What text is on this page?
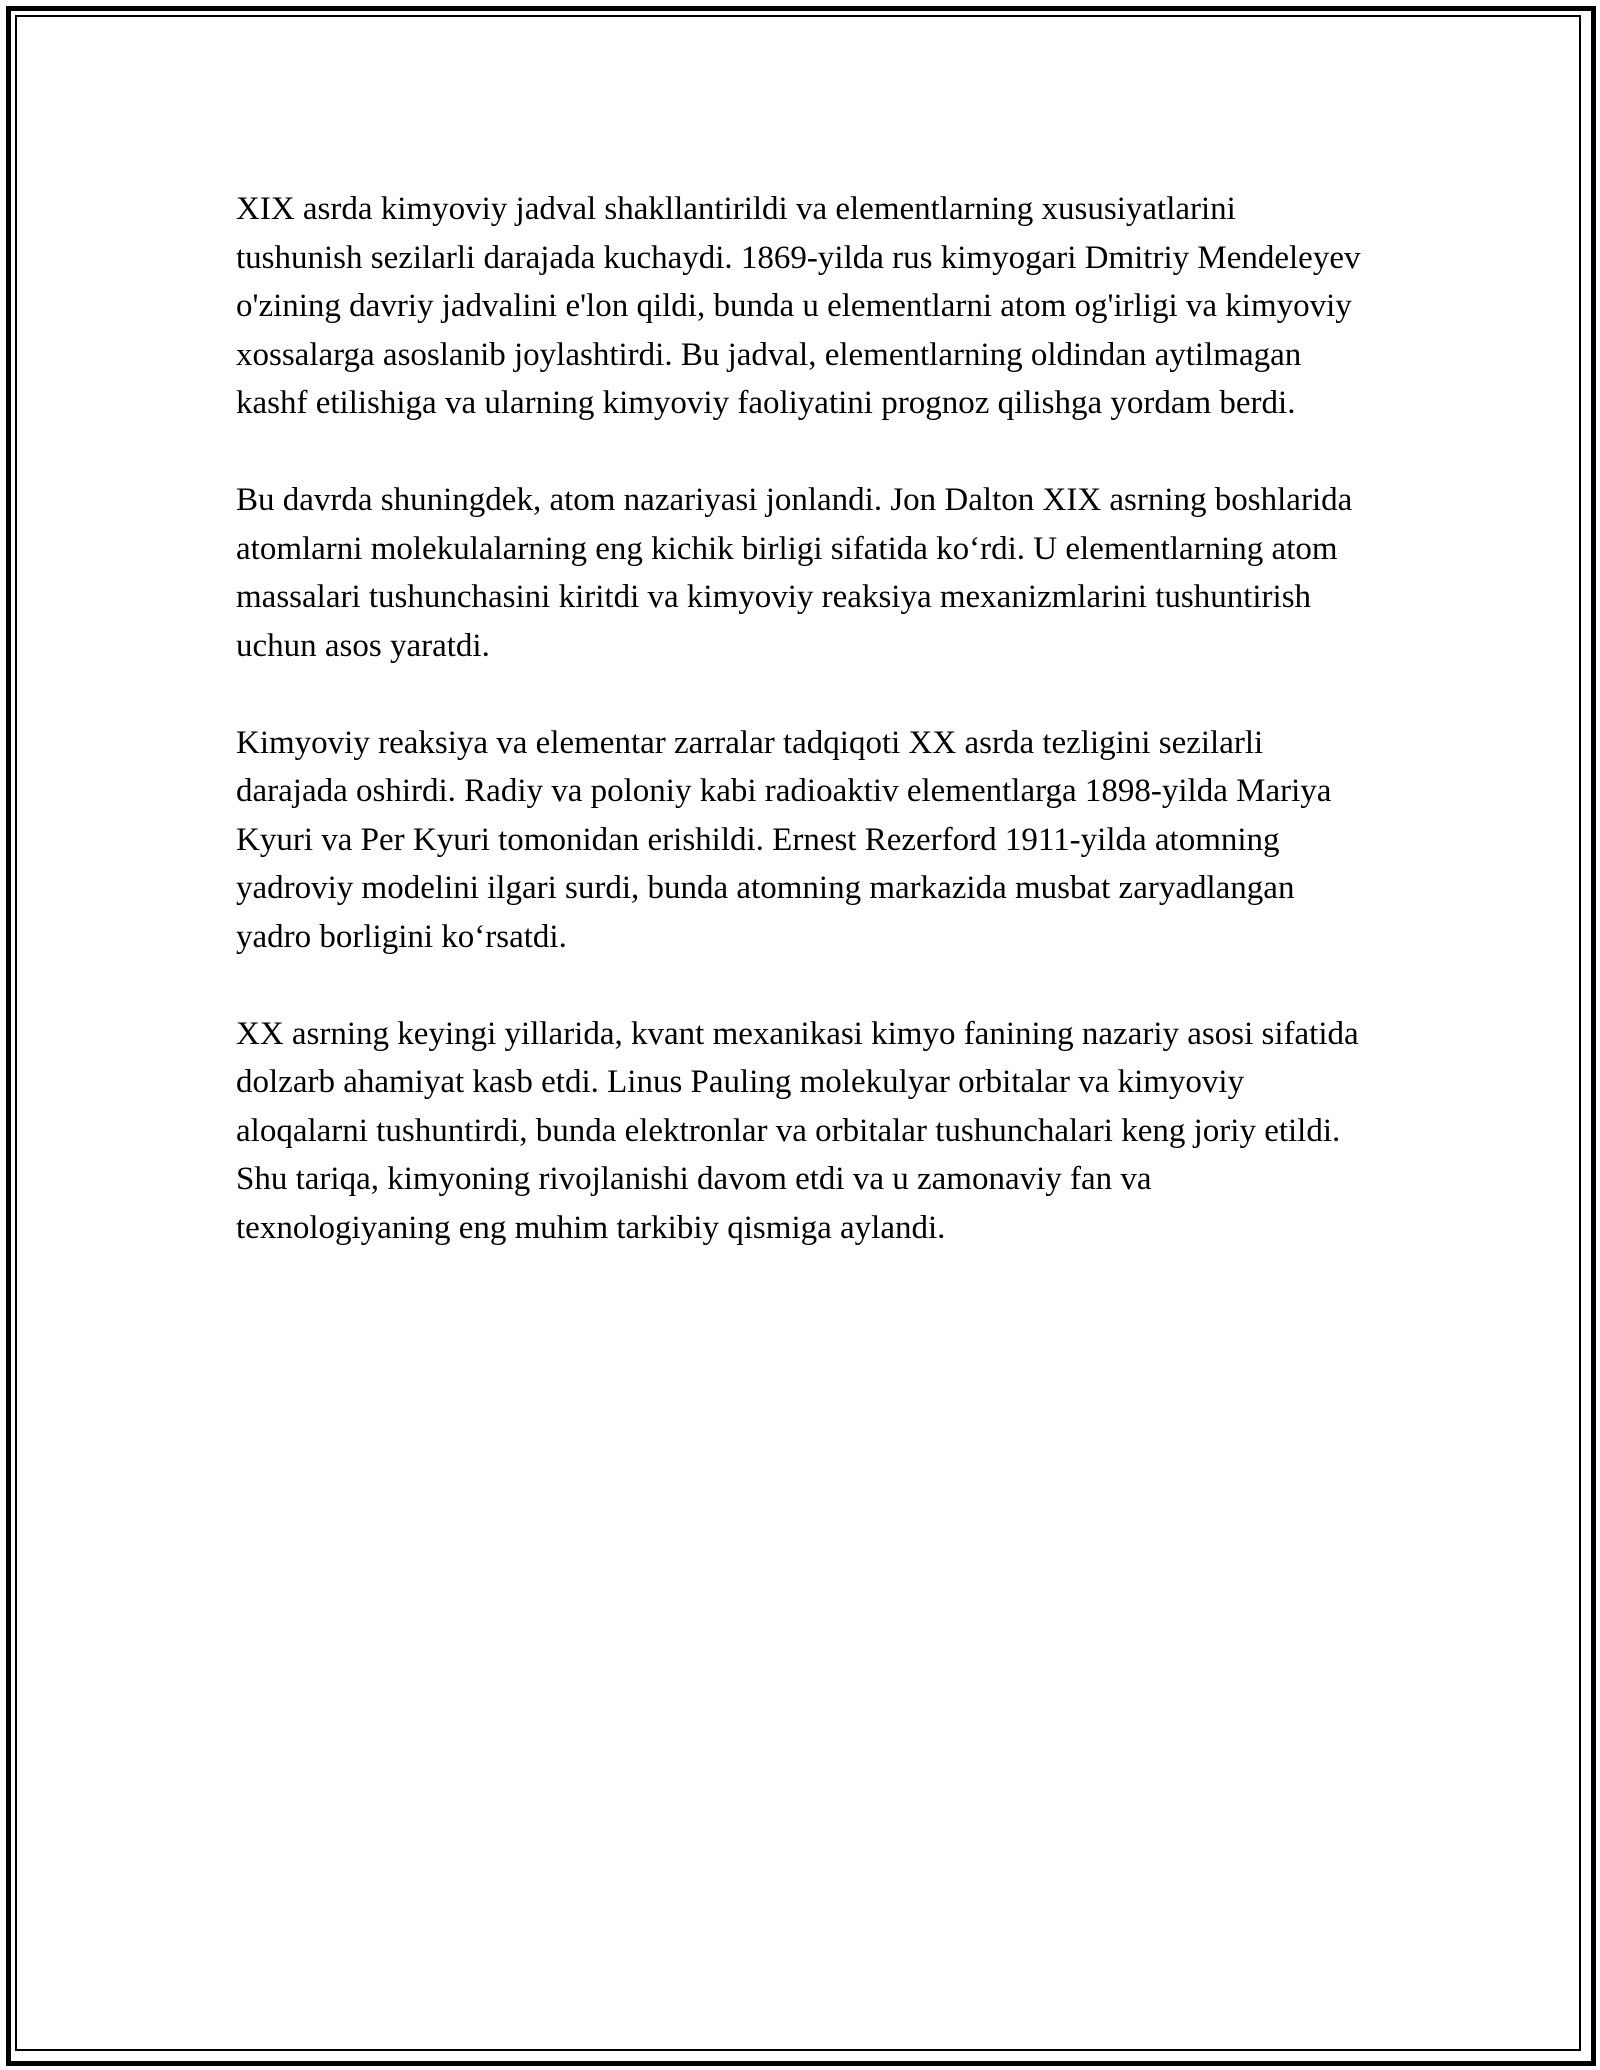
XIX asrda kimyoviy jadval shakllantirildi va elementlarning xususiyatlarini tushunish sezilarli darajada kuchaydi. 1869-yilda rus kimyogari Dmitriy Mendeleyev o'zining davriy jadvalini e'lon qildi, bunda u elementlarni atom og'irligi va kimyoviy xossalarga asoslanib joylashtirdi. Bu jadval, elementlarning oldindan aytilmagan kashf etilishiga va ularning kimyoviy faoliyatini prognoz qilishga yordam berdi.

Bu davrda shuningdek, atom nazariyasi jonlandi. Jon Dalton XIX asrning boshlarida atomlarni molekulalarning eng kichik birligi sifatida koʻrdi. U elementlarning atom massalari tushunchasini kiritdi va kimyoviy reaksiya mexanizmlarini tushuntirish uchun asos yaratdi.

Kimyoviy reaksiya va elementar zarralar tadqiqoti XX asrda tezligini sezilarli darajada oshirdi. Radiy va poloniy kabi radioaktiv elementlarga 1898-yilda Mariya Kyuri va Per Kyuri tomonidan erishildi. Ernest Rezerford 1911-yilda atomning yadroviy modelini ilgari surdi, bunda atomning markazida musbat zaryadlangan yadro borligini koʻrsatdi.

XX asrning keyingi yillarida, kvant mexanikasi kimyo fanining nazariy asosi sifatida dolzarb ahamiyat kasb etdi. Linus Pauling molekulyar orbitalar va kimyoviy aloqalarni tushuntirdi, bunda elektronlar va orbitalar tushunchalari keng joriy etildi. Shu tariqa, kimyoning rivojlanishi davom etdi va u zamonaviy fan va texnologiyaning eng muhim tarkibiy qismiga aylandi.
